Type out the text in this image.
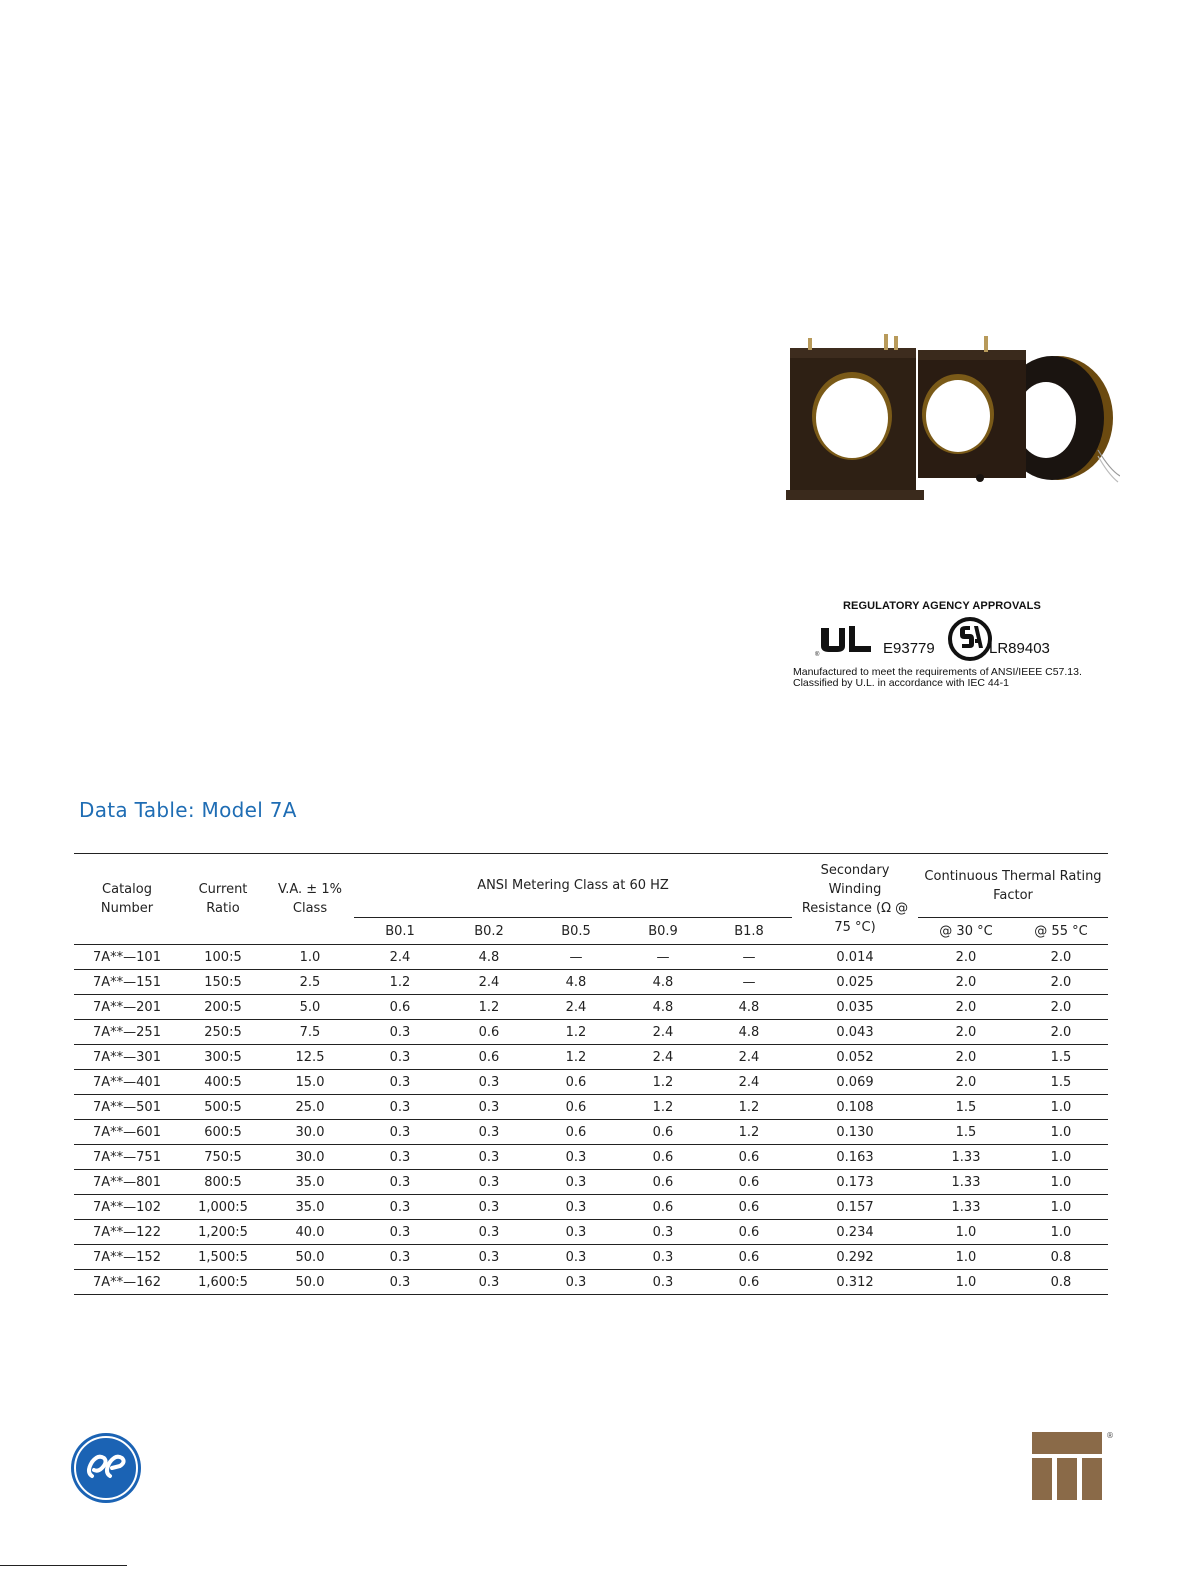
REGULATORY AGENCY APPROVALS
®	E93779	LR89403
Manufactured to meet the requirements of ANSI/IEEE C57.13.
Classified by U.L. in accordance with IEC 44-1
Data Table: Model 7A
Catalog Number	Current Ratio	V.A. ± 1% Class	ANSI Metering Class at 60 HZ					Secondary Winding Resistance (Ω @ 75 °C)	Continuous Thermal Rating Factor	
			B0.1	B0.2	B0.5	B0.9	B1.8		@ 30 °C	@ 55 °C
7A**—101	100:5	1.0	2.4	4.8	—	—	—	0.014	2.0	2.0
7A**—151	150:5	2.5	1.2	2.4	4.8	4.8	—	0.025	2.0	2.0
7A**—201	200:5	5.0	0.6	1.2	2.4	4.8	4.8	0.035	2.0	2.0
7A**—251	250:5	7.5	0.3	0.6	1.2	2.4	4.8	0.043	2.0	2.0
7A**—301	300:5	12.5	0.3	0.6	1.2	2.4	2.4	0.052	2.0	1.5
7A**—401	400:5	15.0	0.3	0.3	0.6	1.2	2.4	0.069	2.0	1.5
7A**—501	500:5	25.0	0.3	0.3	0.6	1.2	1.2	0.108	1.5	1.0
7A**—601	600:5	30.0	0.3	0.3	0.6	0.6	1.2	0.130	1.5	1.0
7A**—751	750:5	30.0	0.3	0.3	0.3	0.6	0.6	0.163	1.33	1.0
7A**—801	800:5	35.0	0.3	0.3	0.3	0.6	0.6	0.173	1.33	1.0
7A**—102	1,000:5	35.0	0.3	0.3	0.3	0.6	0.6	0.157	1.33	1.0
7A**—122	1,200:5	40.0	0.3	0.3	0.3	0.3	0.6	0.234	1.0	1.0
7A**—152	1,500:5	50.0	0.3	0.3	0.3	0.3	0.6	0.292	1.0	0.8
7A**—162	1,600:5	50.0	0.3	0.3	0.3	0.3	0.6	0.312	1.0	0.8
®
